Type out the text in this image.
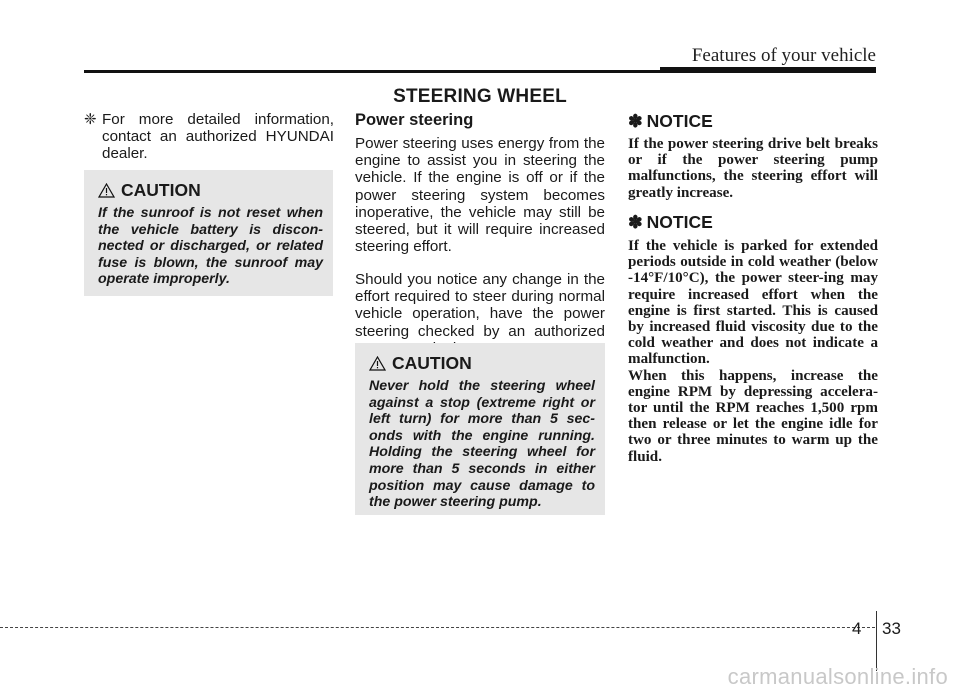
Features of your vehicle
STEERING WHEEL
❈ For more detailed information, contact an authorized HYUNDAI dealer.
CAUTION
If the sunroof is not reset when the vehicle battery is discon-nected or discharged, or related fuse is blown, the sunroof may operate improperly.
Power steering
Power steering uses energy from the engine to assist you in steering the vehicle. If the engine is off or if the power steering system becomes inoperative, the vehicle may still be steered, but it will require increased steering effort.
Should you notice any change in the effort required to steer during normal vehicle operation, have the power steering checked by an authorized
CAUTION
Never hold the steering wheel against a stop (extreme right or left turn) for more than 5 sec-onds with the engine running. Holding the steering wheel for more than 5 seconds in either position may cause damage to the power steering pump.
✽ NOTICE
If the power steering drive belt breaks or if the power steering pump malfunctions, the steering effort will greatly increase.
✽ NOTICE
If the vehicle is parked for extended periods outside in cold weather (below -14°F/10°C), the power steer-ing may require increased effort when the engine is first started. This is caused by increased fluid viscosity due to the cold weather and does not indicate a malfunction.
When this happens, increase the engine RPM by depressing accelera-tor until the RPM reaches 1,500 rpm then release or let the engine idle for two or three minutes to warm up the fluid.
4 33
carmanualsonline.info
